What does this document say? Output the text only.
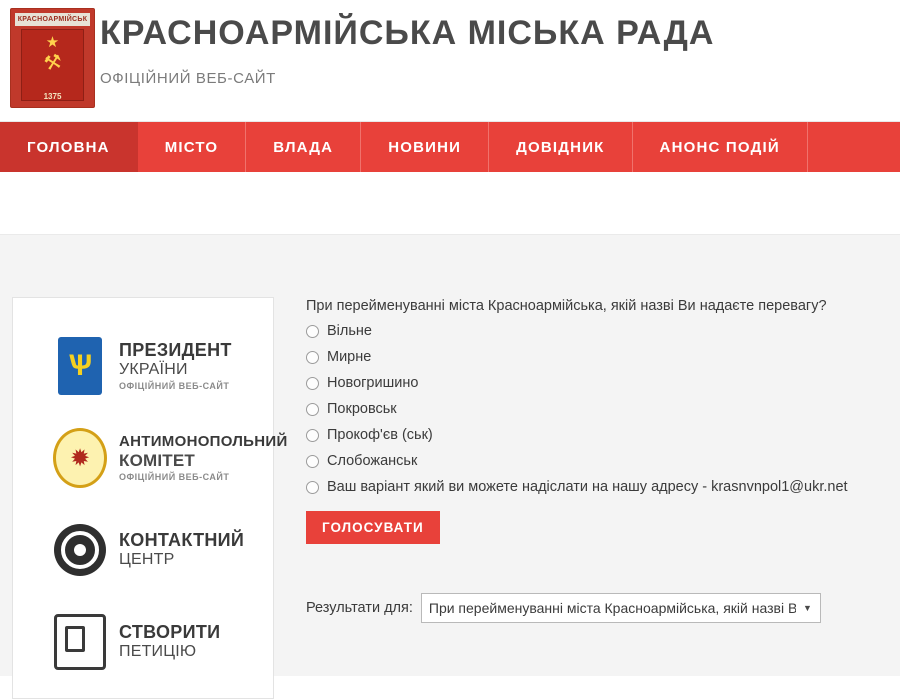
КРАСНОАРМІЙСЬК
★
⚒
1375
КРАСНОАРМІЙСЬКА МІСЬКА РАДА
ОФІЦІЙНИЙ ВЕБ-САЙТ
ГОЛОВНА	МІСТО	ВЛАДА	НОВИНИ	ДОВІДНИК	АНОНС ПОДІЙ
Ѱ	ПРЕЗИДЕНТ
УКРАЇНИ
ОФІЦІЙНИЙ ВЕБ-САЙТ
✹
АНТИМОНОПОЛЬНИЙ
КОМІТЕТ
ОФІЦІЙНИЙ ВЕБ-САЙТ
КОНТАКТНИЙ
ЦЕНТР
СТВОРИТИ
ПЕТИЦІЮ
При перейменуванні міста Красноармійська, якій назві Ви надаєте перевагу?
Вільне
Мирне
Новогришино
Покровськ
Прокоф'єв (ськ)
Слобожанськ
Ваш варіант який ви можете надіслати на нашу адресу - krasnvnpol1@ukr.net
ГОЛОСУВАТИ
Результати для:
При перейменуванні міста Красноармійська, якій назві Ви н	▼
